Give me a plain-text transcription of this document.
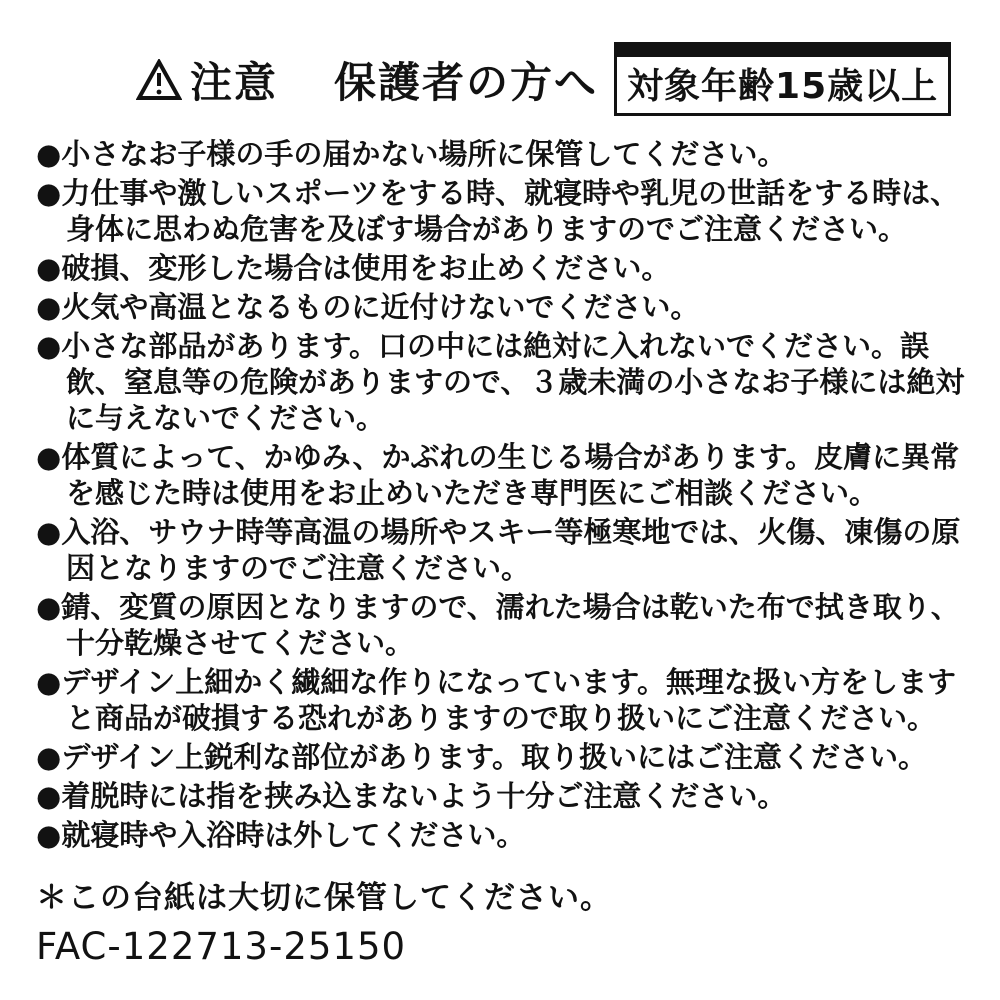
注意 保護者の方へ 対象年齢15歳以上
●小さなお子様の手の届かない場所に保管してください。
●力仕事や激しいスポーツをする時、就寝時や乳児の世話をする時は、身体に思わぬ危害を及ぼす場合がありますのでご注意ください。
●破損、変形した場合は使用をお止めください。
●火気や高温となるものに近付けないでください。
●小さな部品があります。口の中には絶対に入れないでください。誤飲、窒息等の危険がありますので、３歳未満の小さなお子様には絶対に与えないでください。
●体質によって、かゆみ、かぶれの生じる場合があります。皮膚に異常を感じた時は使用をお止めいただき専門医にご相談ください。
●入浴、サウナ時等高温の場所やスキー等極寒地では、火傷、凍傷の原因となりますのでご注意ください。
●錆、変質の原因となりますので、濡れた場合は乾いた布で拭き取り、十分乾燥させてください。
●デザイン上細かく繊細な作りになっています。無理な扱い方をしますと商品が破損する恐れがありますので取り扱いにご注意ください。
●デザイン上鋭利な部位があります。取り扱いにはご注意ください。
●着脱時には指を挟み込まないよう十分ご注意ください。
●就寝時や入浴時は外してください。
＊この台紙は大切に保管してください。
FAC-122713-25150
